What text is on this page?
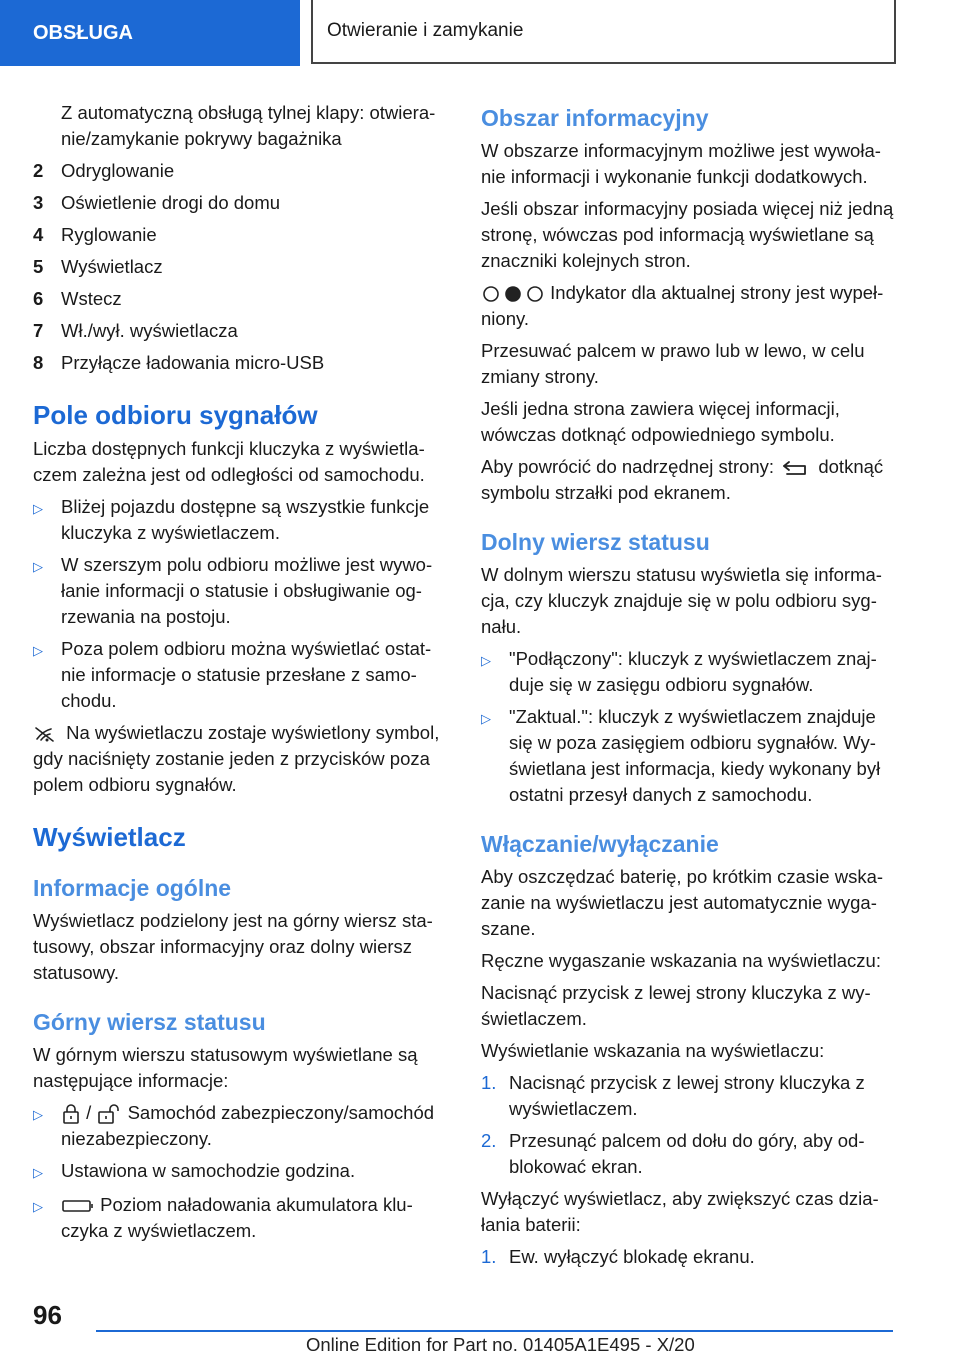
OBSŁUGA	Otwieranie i zamykanie
Z automatyczną obsługą tylnej klapy: otwieranie/zamykanie pokrywy bagażnika
2 Odryglowanie
3 Oświetlenie drogi do domu
4 Ryglowanie
5 Wyświetlacz
6 Wstecz
7 Wł./wył. wyświetlacza
8 Przyłącze ładowania micro-USB
Pole odbioru sygnałów

Liczba dostępnych funkcji kluczyka z wyświetlaczem zależna jest od odległości od samochodu.

▷ Bliżej pojazdu dostępne są wszystkie funkcje kluczyka z wyświetlaczem.
▷ W szerszym polu odbioru możliwe jest wywołanie informacji o statusie i obsługiwanie ogrzewania na postoju.
▷ Poza polem odbioru można wyświetlać ostatnie informacje o statusie przesłane z samochodu.

Na wyświetlaczu zostaje wyświetlony symbol, gdy naciśnięty zostanie jeden z przycisków poza polem odbioru sygnałów.

Wyświetlacz
Informacje ogólne

Wyświetlacz podzielony jest na górny wiersz statusowy, obszar informacyjny oraz dolny wiersz statusowy.

Górny wiersz statusu

W górnym wierszu statusowym wyświetlane są następujące informacje:

▷	/ Samochód zabezpieczony/samochód niezabezpieczony.
▷ Ustawiona w samochodzie godzina.
▷	Poziom naładowania akumulatora kluczyka z wyświetlaczem.
Obszar informacyjny

W obszarze informacyjnym możliwe jest wywołanie informacji i wykonanie funkcji dodatkowych.

Jeśli obszar informacyjny posiada więcej niż jedną stronę, wówczas pod informacją wyświetlane są znaczniki kolejnych stron.

Indykator dla aktualnej strony jest wypełniony.

Przesuwać palcem w prawo lub w lewo, w celu zmiany strony.

Jeśli jedna strona zawiera więcej informacji, wówczas dotknąć odpowiedniego symbolu.

Aby powrócić do nadrzędnej strony: dotknąć symbolu strzałki pod ekranem.

Dolny wiersz statusu

W dolnym wierszu statusu wyświetla się informacja, czy kluczyk znajduje się w polu odbioru sygnału.

▷ "Podłączony": kluczyk z wyświetlaczem znajduje się w zasięgu odbioru sygnałów.
▷ "Zaktual.": kluczyk z wyświetlaczem znajduje się w poza zasięgiem odbioru sygnałów. Wyświetlana jest informacja, kiedy wykonany był ostatni przesył danych z samochodu.
Włączanie/wyłączanie

Aby oszczędzać baterię, po krótkim czasie wskazanie na wyświetlaczu jest automatycznie wygaszane.

Ręczne wygaszanie wskazania na wyświetlaczu:

Nacisnąć przycisk z lewej strony kluczyka z wyświetlaczem.

Wyświetlanie wskazania na wyświetlaczu:

1. Nacisnąć przycisk z lewej strony kluczyka z wyświetlaczem.
2. Przesunąć palcem od dołu do góry, aby odblokować ekran.

Wyłączyć wyświetlacz, aby zwiększyć czas działania baterii:

1. Ew. wyłączyć blokadę ekranu.
96
Online Edition for Part no. 01405A1E495 - X/20
